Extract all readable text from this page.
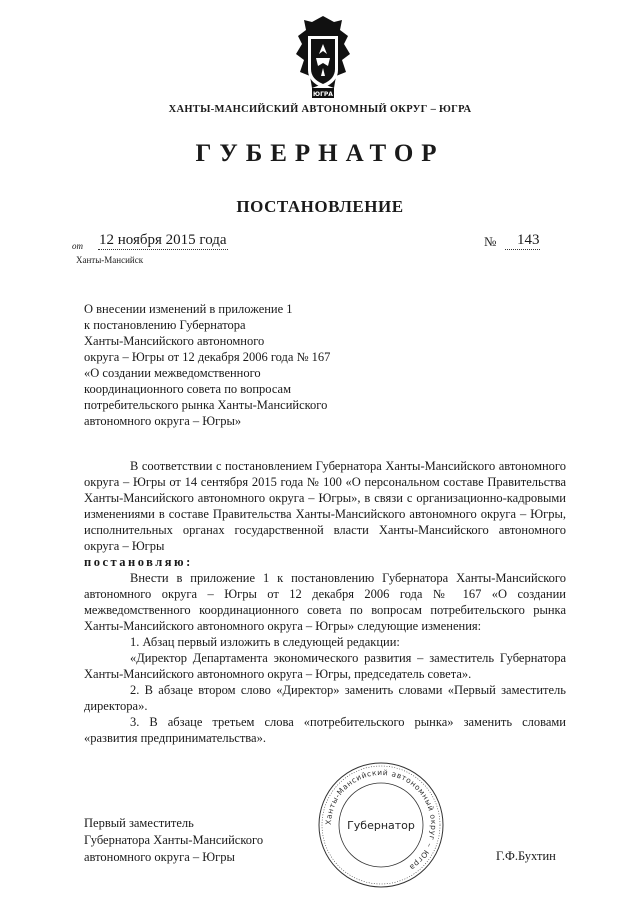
ЮГРА
ХАНТЫ-МАНСИЙСКИЙ АВТОНОМНЫЙ ОКРУГ – ЮГРА
ГУБЕРНАТОР
ПОСТАНОВЛЕНИЕ
от 12 ноября 2015 года	№	143
Ханты-Мансийск
О внесении изменений в приложение 1
к постановлению Губернатора
Ханты-Мансийского автономного
округа – Югры от 12 декабря 2006 года № 167
«О создании межведомственного
координационного совета по вопросам
потребительского рынка Ханты-Мансийского
автономного округа – Югры»
В соответствии с постановлением Губернатора Ханты-Мансийского автономного округа – Югры от 14 сентября 2015 года № 100 «О персональном составе Правительства Ханты-Мансийского автономного округа – Югры», в связи с организационно-кадровыми изменениями в составе Правительства Ханты-Мансийского автономного округа – Югры, исполнительных органах государственной власти Ханты-Мансийского автономного округа – Югры
постановляю:
Внести в приложение 1 к постановлению Губернатора Ханты-Мансийского автономного округа – Югры от 12 декабря 2006 года № 167 «О создании межведомственного координационного совета по вопросам потребительского рынка Ханты-Мансийского автономного округа – Югры» следующие изменения:
1. Абзац первый изложить в следующей редакции:
«Директор Департамента экономического развития – заместитель Губернатора Ханты-Мансийского автономного округа – Югры, председатель совета».
2. В абзаце втором слово «Директор» заменить словами «Первый заместитель директора».
3. В абзаце третьем слова «потребительского рынка» заменить словами «развития предпринимательства».
Первый заместитель
Губернатора Ханты-Мансийского
автономного округа – Югры
Ханты-Мансийский автономный округ – Югра
Губернатор
Г.Ф.Бухтин
